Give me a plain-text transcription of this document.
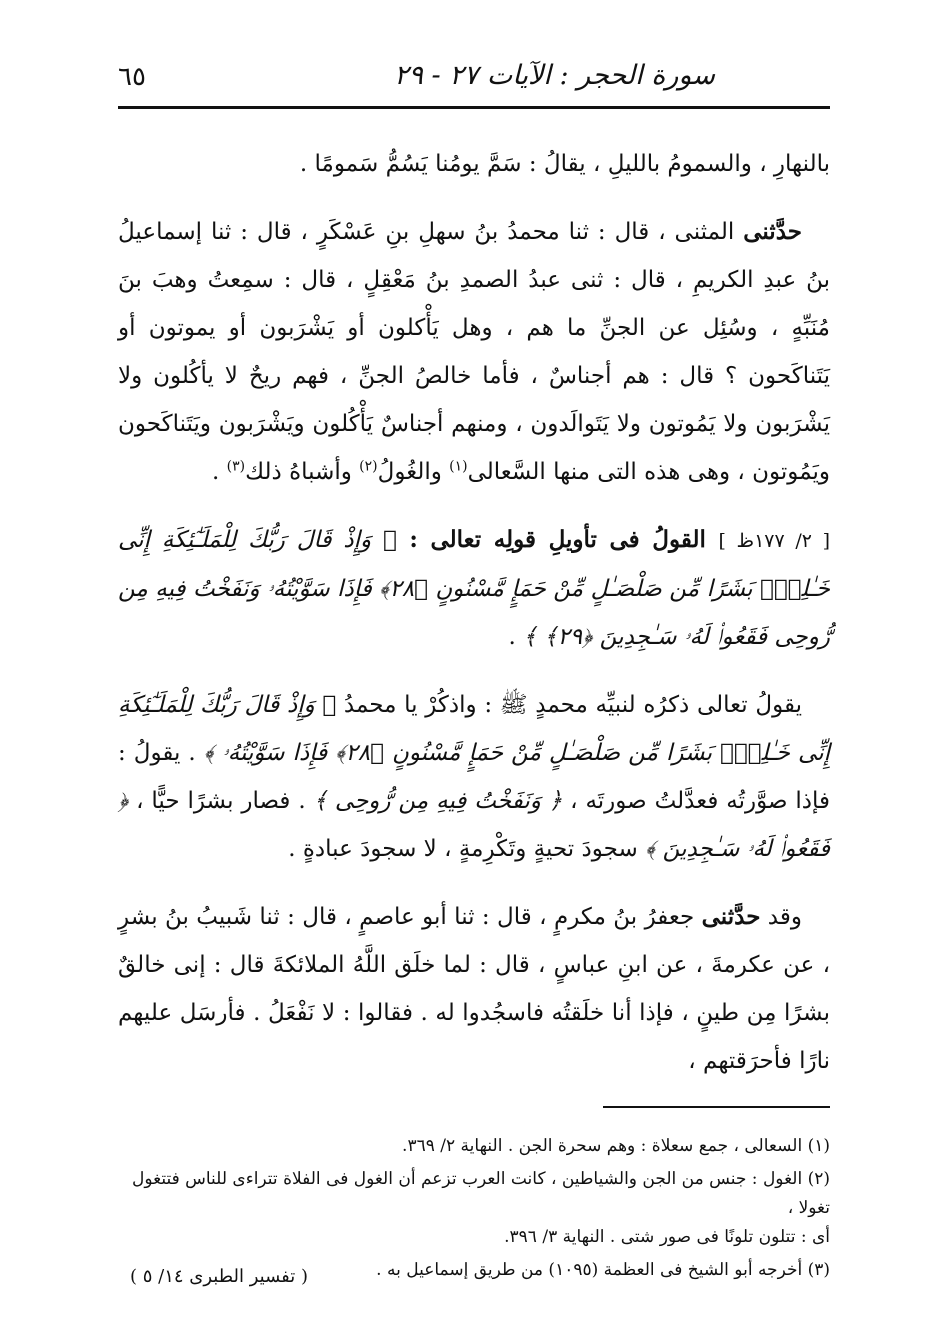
سورة الحجر : الآيات ٢٧ - ٢٩
٦٥

بالنهارِ ، والسمومُ بالليلِ ، يقالُ : سَمَّ يومُنا يَسُمُّ سَمومًا .

حدَّثنى المثنى ، قال : ثنا محمدُ بنُ سهلِ بنِ عَسْكَرٍ ، قال : ثنا إسماعيلُ بنُ عبدِ الكريمِ ، قال : ثنى عبدُ الصمدِ بنُ مَعْقِلٍ ، قال : سمِعتُ وهبَ بنَ مُنَبِّهٍ ، وسُئِل عن الجنِّ ما هم ، وهل يَأْكلون أو يَشْرَبون أو يموتون أو يَتَناكَحون ؟ قال : هم أجناسٌ ، فأما خالصُ الجنِّ ، فهم ريحٌ لا يأكُلون ولا يَشْرَبون ولا يَمُوتون ولا يَتَوالَدون ، ومنهم أجناسٌ يَأْكُلون ويَشْرَبون ويَتَناكَحون ويَمُوتون ، وهى هذه التى منها السَّعالى$^{(١)}$ والغُولُ$^{(٢)}$ وأشباهُ ذلك$^{(٣)}$ .

[ ٢/ ١٧٧ظ ] القولُ فى تأويلِ قولِه تعالى : ﴿ وَإِذْ قَالَ رَبُّكَ لِلْمَلَـٰٓئِكَةِ إِنِّى خَـٰلِقٌۢ بَشَرًا مِّن صَلْصَـٰلٍ مِّنْ حَمَإٍ مَّسْنُونٍ ﴿٢٨﴾ فَإِذَا سَوَّيْتُهُۥ وَنَفَخْتُ فِيهِ مِن رُّوحِى فَقَعُوا۟ لَهُۥ سَـٰجِدِينَ ﴿٢٩﴾ ﴾ .

يقولُ تعالى ذكرُه لنبيِّه محمدٍ ﷺ : واذكُرْ يا محمدُ ﴿ وَإِذْ قَالَ رَبُّكَ لِلْمَلَـٰٓئِكَةِ إِنِّى خَـٰلِقٌۢ بَشَرًا مِّن صَلْصَـٰلٍ مِّنْ حَمَإٍ مَّسْنُونٍ ﴿٢٨﴾ فَإِذَا سَوَّيْتُهُۥ ﴾ . يقولُ : فإذا صوَّرتُه فعدَّلتُ صورتَه ، ﴿ وَنَفَخْتُ فِيهِ مِن رُّوحِى ﴾ . فصار بشرًا حيًّا ، ﴿ فَقَعُوا۟ لَهُۥ سَـٰجِدِينَ ﴾ سجودَ تحيةٍ وتَكْرِمةٍ ، لا سجودَ عبادةٍ .

وقد حدَّثنى جعفرُ بنُ مكرمٍ ، قال : ثنا أبو عاصمٍ ، قال : ثنا شَبيبُ بنُ بشرٍ ، عن عكرمةَ ، عن ابنِ عباسٍ ، قال : لما خلَق اللَّهُ الملائكةَ قال : إنى خالقٌ بشرًا مِن طينٍ ، فإذا أنا خلَقتُه فاسجُدوا له . فقالوا : لا نَفْعَلُ . فأرسَل عليهم نارًا فأحرَقتهم ،

(١) السعالى ، جمع سعلاة : وهم سحرة الجن . النهاية ٢/ ٣٦٩.

(٢) الغول : جنس من الجن والشياطين ، كانت العرب تزعم أن الغول فى الفلاة تتراءى للناس فتتغول تغولا ،
أى : تتلون تلونًا فى صور شتى . النهاية ٣/ ٣٩٦.

(٣) أخرجه أبو الشيخ فى العظمة (١٠٩٥) من طريق إسماعيل به .

( تفسير الطبرى ١٤/ ٥ )
